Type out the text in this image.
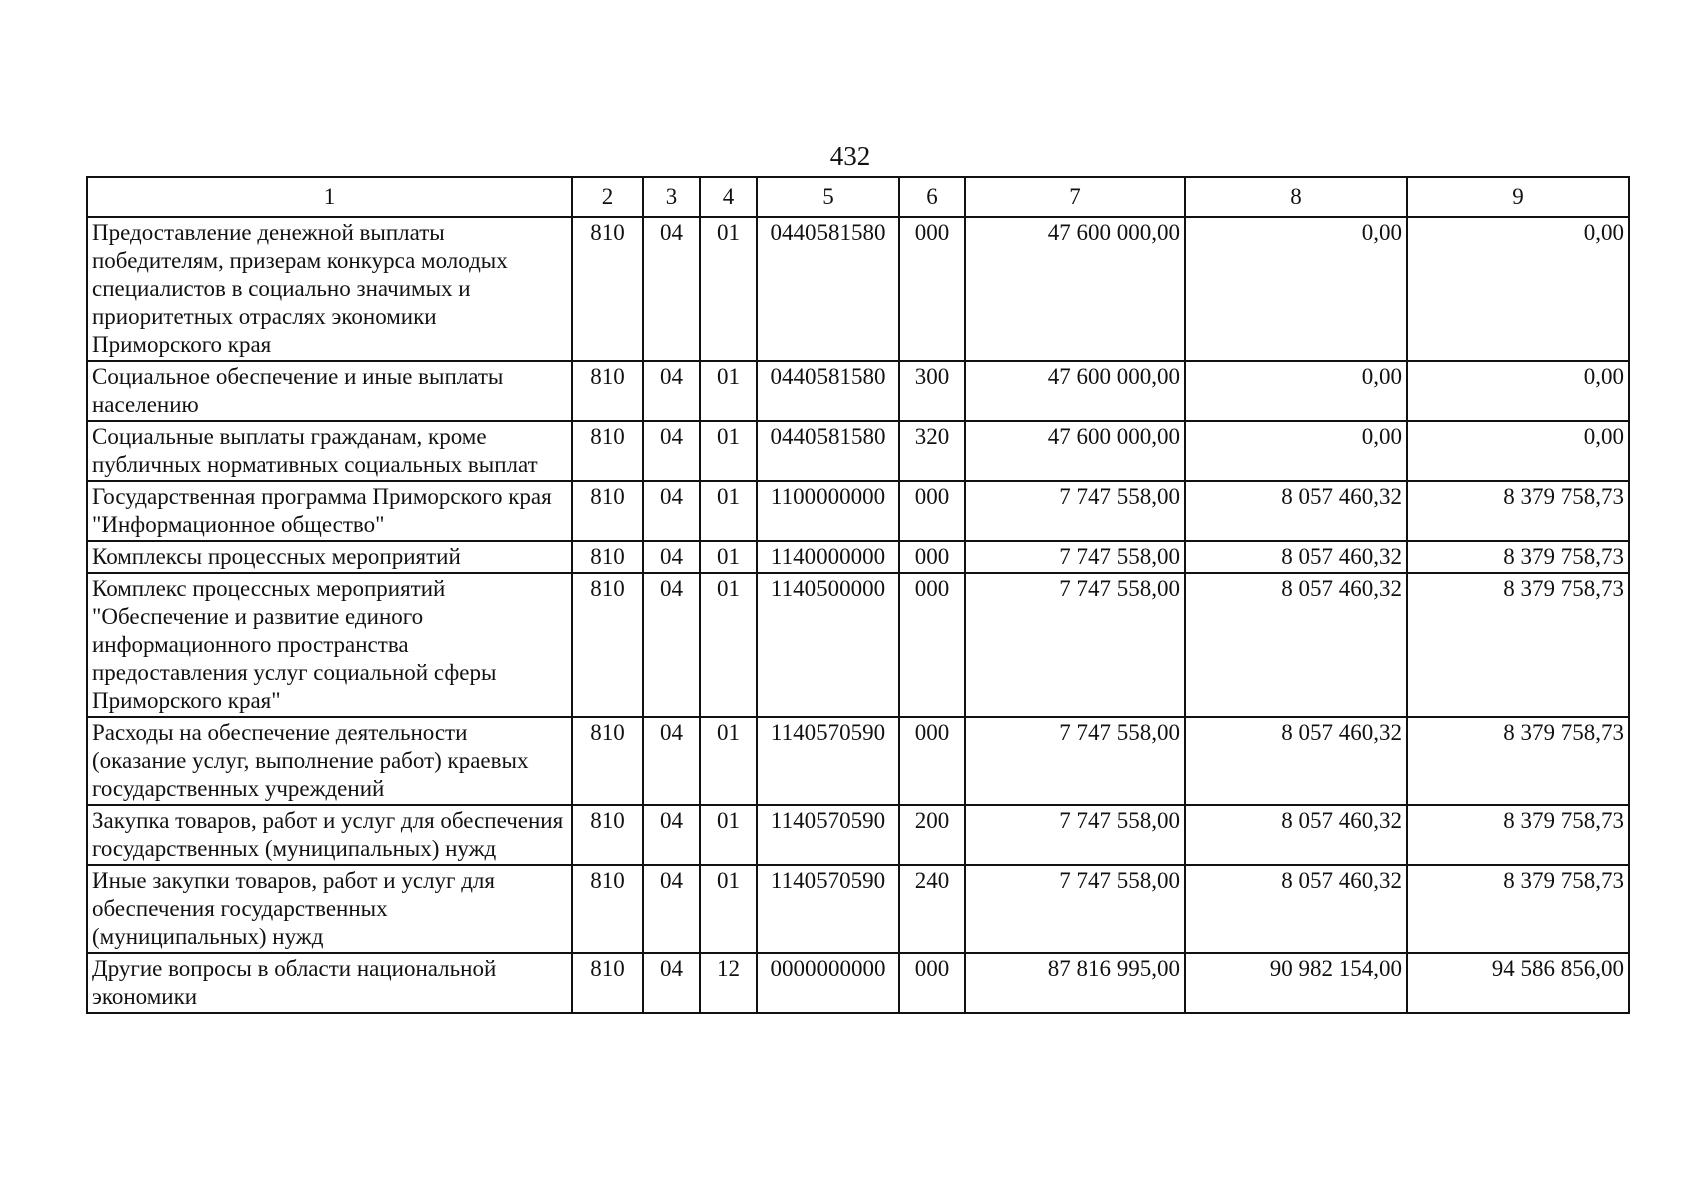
432
1	2	3	4	5	6	7	8	9
Предоставление денежной выплаты победителям, призерам конкурса молодых специалистов в социально значимых и приоритетных отраслях экономики Приморского края	810	04	01	0440581580	000	47 600 000,00	0,00	0,00
Социальное обеспечение и иные выплаты населению	810	04	01	0440581580	300	47 600 000,00	0,00	0,00
Социальные выплаты гражданам, кроме публичных нормативных социальных выплат	810	04	01	0440581580	320	47 600 000,00	0,00	0,00
Государственная программа Приморского края "Информационное общество"	810	04	01	1100000000	000	7 747 558,00	8 057 460,32	8 379 758,73
Комплексы процессных мероприятий	810	04	01	1140000000	000	7 747 558,00	8 057 460,32	8 379 758,73
Комплекс процессных мероприятий "Обеспечение и развитие единого информационного пространства предоставления услуг социальной сферы Приморского края"	810	04	01	1140500000	000	7 747 558,00	8 057 460,32	8 379 758,73
Расходы на обеспечение деятельности (оказание услуг, выполнение работ) краевых государственных учреждений	810	04	01	1140570590	000	7 747 558,00	8 057 460,32	8 379 758,73
Закупка товаров, работ и услуг для обеспечения государственных (муниципальных) нужд	810	04	01	1140570590	200	7 747 558,00	8 057 460,32	8 379 758,73
Иные закупки товаров, работ и услуг для обеспечения государственных (муниципальных) нужд	810	04	01	1140570590	240	7 747 558,00	8 057 460,32	8 379 758,73
Другие вопросы в области национальной экономики	810	04	12	0000000000	000	87 816 995,00	90 982 154,00	94 586 856,00
